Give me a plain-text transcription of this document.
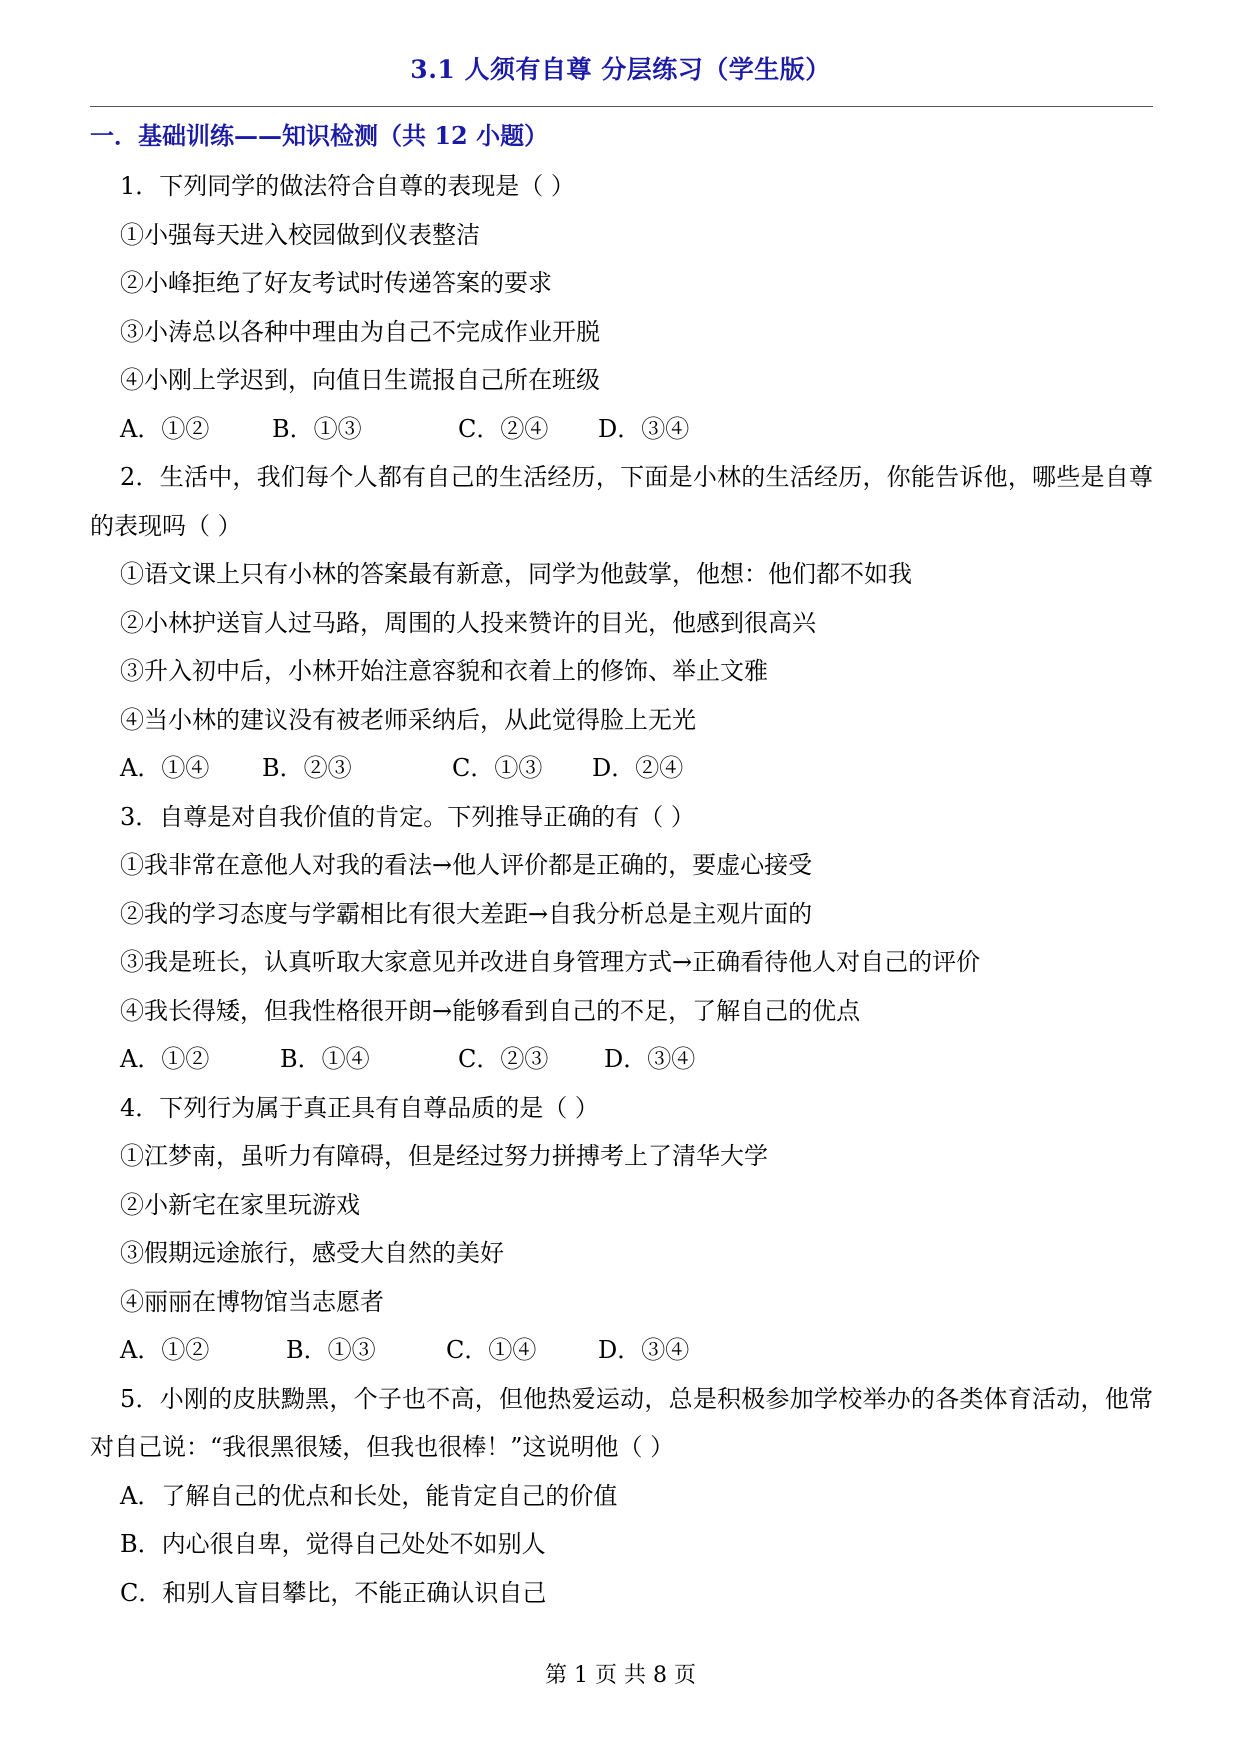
3.1 人须有自尊 分层练习（学生版）
一．基础训练——知识检测（共 12 小题）
1．下列同学的做法符合自尊的表现是（ ）
①小强每天进入校园做到仪表整洁
②小峰拒绝了好友考试时传递答案的要求
③小涛总以各种中理由为自己不完成作业开脱
④小刚上学迟到，向值日生谎报自己所在班级
A．①②	B．①③	C．②④ D．③④
2．生活中，我们每个人都有自己的生活经历，下面是小林的生活经历，你能告诉他，哪些是自尊的表现吗（ ）
①语文课上只有小林的答案最有新意，同学为他鼓掌，他想：他们都不如我
②小林护送盲人过马路，周围的人投来赞许的目光，他感到很高兴
③升入初中后，小林开始注意容貌和衣着上的修饰、举止文雅
④当小林的建议没有被老师采纳后，从此觉得脸上无光
A．①④ B．②③	C．①③ D．②④
3．自尊是对自我价值的肯定。下列推导正确的有（ ）
①我非常在意他人对我的看法→他人评价都是正确的，要虚心接受
②我的学习态度与学霸相比有很大差距→自我分析总是主观片面的
③我是班长，认真听取大家意见并改进自身管理方式→正确看待他人对自己的评价
④我长得矮，但我性格很开朗→能够看到自己的不足，了解自己的优点
A．①②	B．①④	C．②③ D．③④
4．下列行为属于真正具有自尊品质的是（ ）
①江梦南，虽听力有障碍，但是经过努力拼搏考上了清华大学
②小新宅在家里玩游戏
③假期远途旅行，感受大自然的美好
④丽丽在博物馆当志愿者
A．①②	B．①③	C．①④	D．③④
5．小刚的皮肤黝黑，个子也不高，但他热爱运动，总是积极参加学校举办的各类体育活动，他常对自己说：“我很黑很矮，但我也很棒！”这说明他（ ）
A．了解自己的优点和长处，能肯定自己的价值
B．内心很自卑，觉得自己处处不如别人
C．和别人盲目攀比，不能正确认识自己
第 1 页 共 8 页
